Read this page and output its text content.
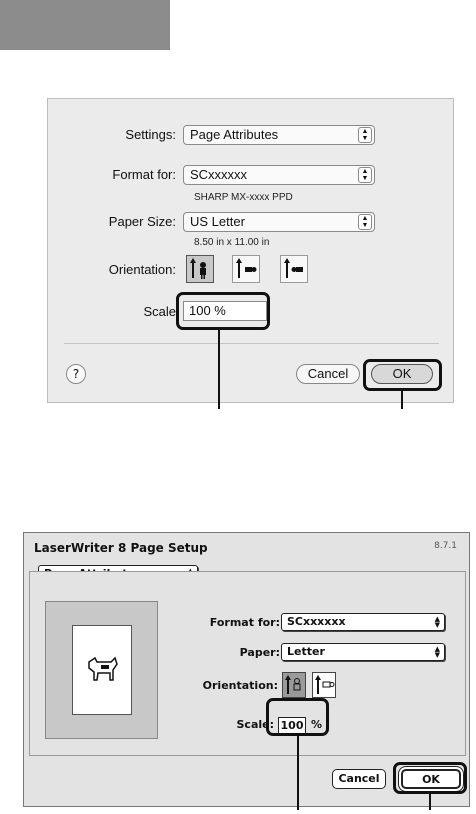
Settings:	Page Attributes	▲
▼
Format for:	SCxxxxxx	▲
▼
SHARP MX-xxxx PPD
Paper Size:	US Letter	▲
▼
8.50 in x 11.00 in
Orientation:
Scale	100 %
?	Cancel	OK
LaserWriter 8 Page Setup	8.7.1

Format for: SCxxxxxx	▲
▼
Paper: Letter	▲
▼
Orientation:
Scale: 100 %
Cancel	OK
